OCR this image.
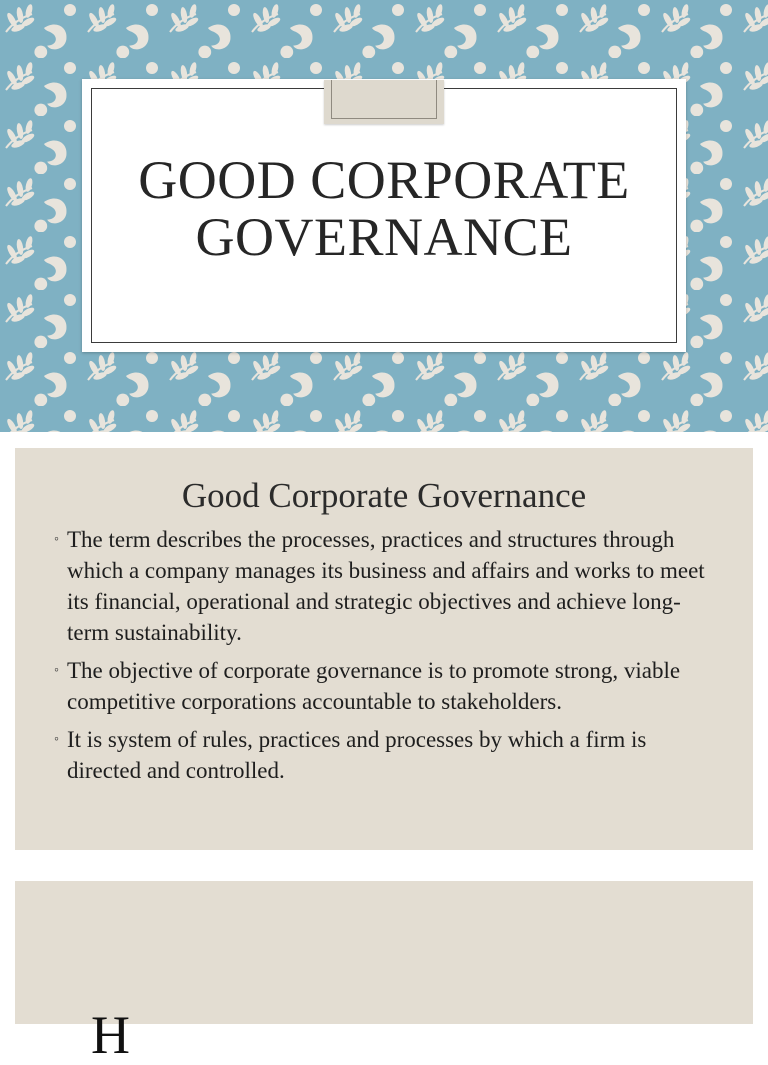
GOOD CORPORATE
GOVERNANCE
Good Corporate Governance
◦ The term describes the processes, practices and structures through which a company manages its business and affairs and works to meet its financial, operational and strategic objectives and achieve long-term sustainability.
◦ The objective of corporate governance is to promote strong, viable competitive corporations accountable to stakeholders.
◦ It is system of rules, practices and processes by which a firm is directed and controlled.
H
